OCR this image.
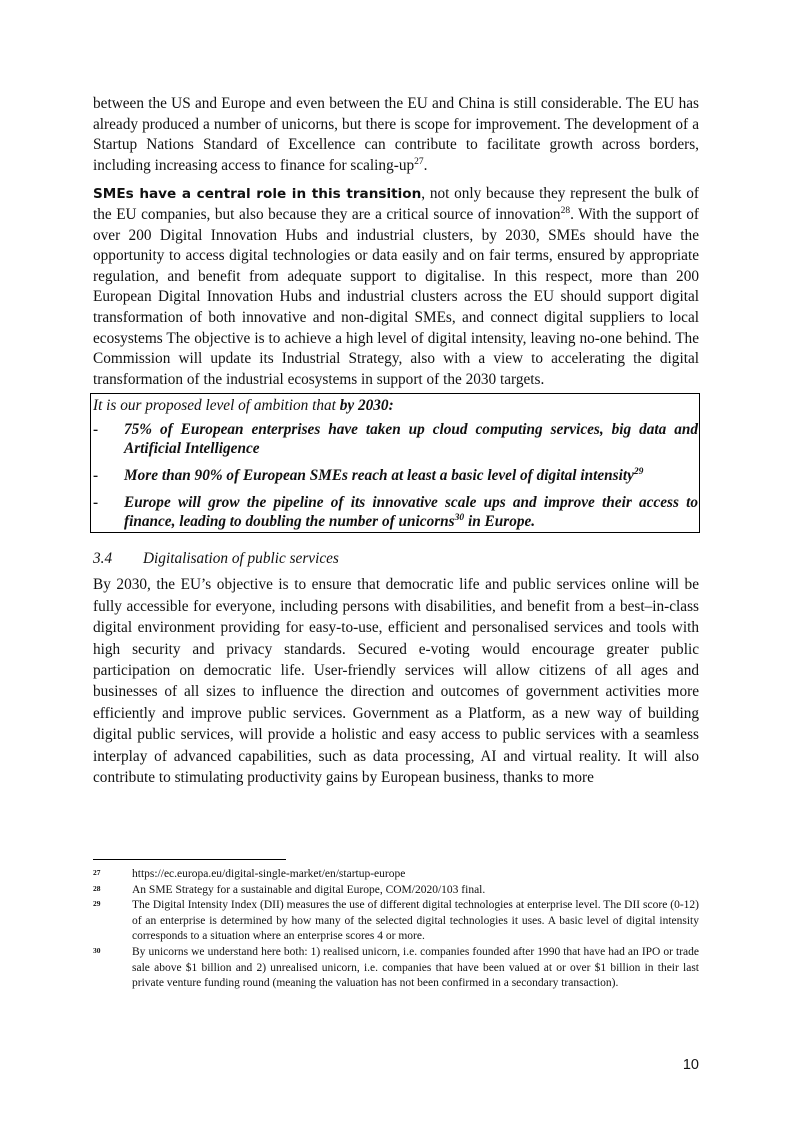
between the US and Europe and even between the EU and China is still considerable. The EU has already produced a number of unicorns, but there is scope for improvement. The development of a Startup Nations Standard of Excellence can contribute to facilitate growth across borders, including increasing access to finance for scaling-$up^{27}$.

SMEs have a central role in this transition, not only because they represent the bulk of the EU companies, but also because they are a critical source of innovation$^{28}$. With the support of over 200 Digital Innovation Hubs and industrial clusters, by 2030, SMEs should have the opportunity to access digital technologies or data easily and on fair terms, ensured by appropriate regulation, and benefit from adequate support to digitalise. In this respect, more than 200 European Digital Innovation Hubs and industrial clusters across the EU should support digital transformation of both innovative and non-digital SMEs, and connect digital suppliers to local ecosystems The objective is to achieve a high level of digital intensity, leaving no-one behind. The Commission will update its Industrial Strategy, also with a view to accelerating the digital transformation of the industrial ecosystems in support of the 2030 targets.

It is our proposed level of ambition that by 2030:
-	75% of European enterprises have taken up cloud computing services, big data and Artificial Intelligence
-	More than 90% of European SMEs reach at least a basic level of digital intensity$^{29}$
-	Europe will grow the pipeline of its innovative scale ups and improve their access to finance, leading to doubling the number of unicorns$^{30}$ in Europe.
3.4	Digitalisation of public services

By 2030, the EU’s objective is to ensure that democratic life and public services online will be fully accessible for everyone, including persons with disabilities, and benefit from a best–in-class digital environment providing for easy-to-use, efficient and personalised services and tools with high security and privacy standards. Secured e-voting would encourage greater public participation on democratic life. User-friendly services will allow citizens of all ages and businesses of all sizes to influence the direction and outcomes of government activities more efficiently and improve public services. Government as a Platform, as a new way of building digital public services, will provide a holistic and easy access to public services with a seamless interplay of advanced capabilities, such as data processing, AI and virtual reality. It will also contribute to stimulating productivity gains by European business, thanks to more

27	https://ec.europa.eu/digital-single-market/en/startup-europe
28	An SME Strategy for a sustainable and digital Europe, COM/2020/103 final.
29	The Digital Intensity Index (DII) measures the use of different digital technologies at enterprise level. The DII score (0-12) of an enterprise is determined by how many of the selected digital technologies it uses. A basic level of digital intensity corresponds to a situation where an enterprise scores 4 or more.
30	By unicorns we understand here both: 1) realised unicorn, i.e. companies founded after 1990 that have had an IPO or trade sale above $1 billion and 2) unrealised unicorn, i.e. companies that have been valued at or over $1 billion in their last private venture funding round (meaning the valuation has not been confirmed in a secondary transaction).
10
